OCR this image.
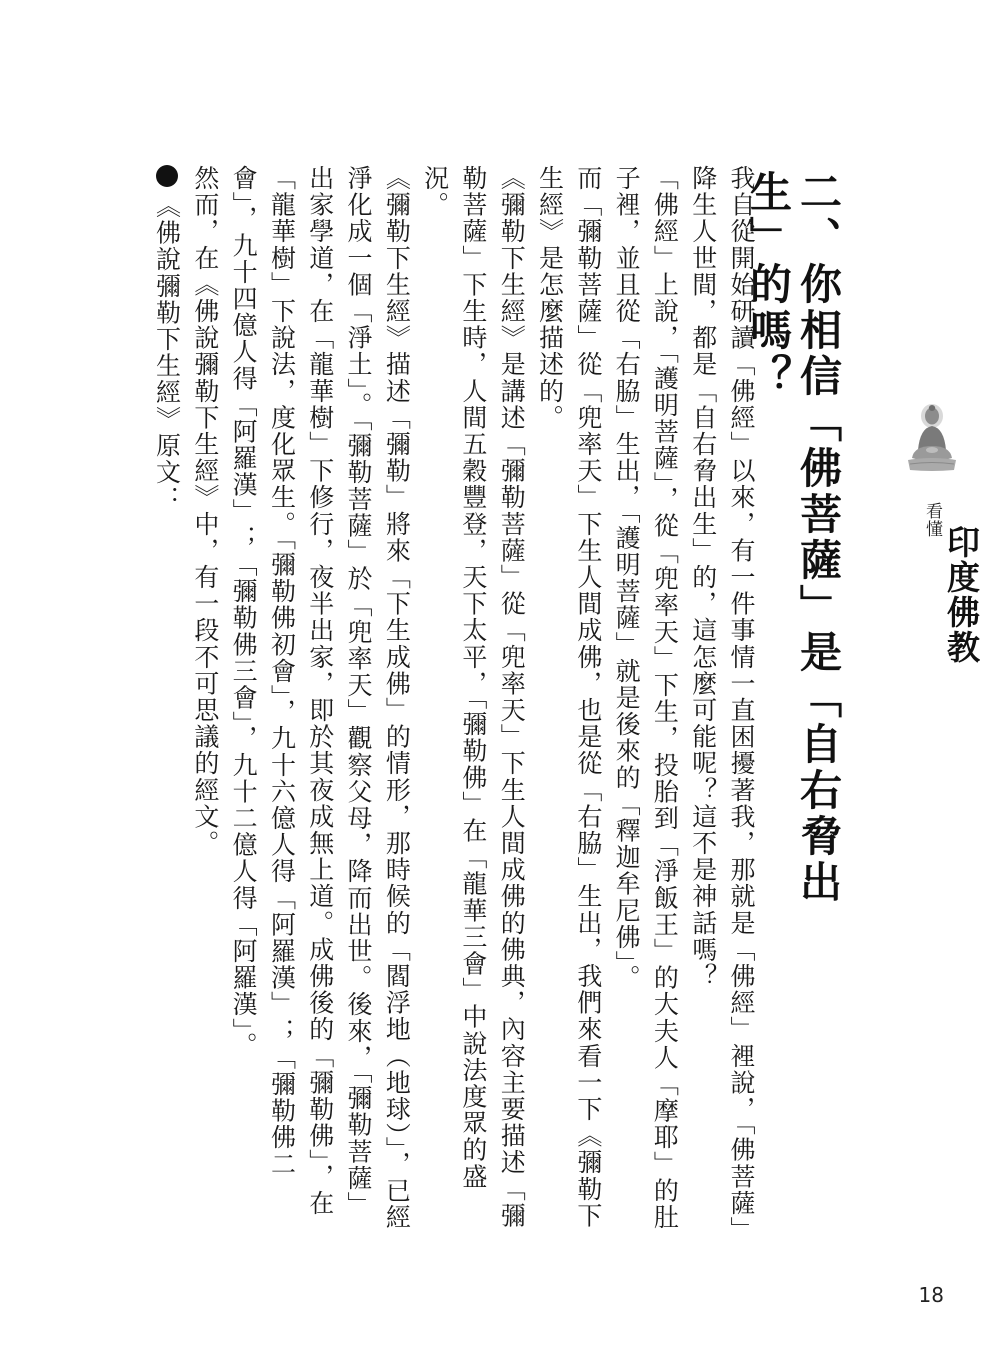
看懂
印度佛教
二、你相信「佛菩薩」是「自右脅出生」的嗎？

我自從開始研讀「佛經」以來，有一件事情一直困擾著我，那就是「佛經」裡說，「佛菩薩」降生人世間，都是「自右脅出生」的，這怎麼可能呢？這不是神話嗎？

「佛經」上說，「護明菩薩」，從「兜率天」下生，投胎到「淨飯王」的大夫人「摩耶」的肚子裡，並且從「右脇」生出，「護明菩薩」就是後來的「釋迦牟尼佛」。

而「彌勒菩薩」從「兜率天」下生人間成佛，也是從「右脇」生出，我們來看一下《彌勒下生經》是怎麼描述的。

《彌勒下生經》是講述「彌勒菩薩」從「兜率天」下生人間成佛的佛典，內容主要描述「彌勒菩薩」下生時，人間五穀豐登，天下太平，「彌勒佛」在「龍華三會」中說法度眾的盛況。

《彌勒下生經》描述「彌勒」將來「下生成佛」的情形，那時候的「閻浮地（地球）」，已經淨化成一個「淨土」。「彌勒菩薩」於「兜率天」觀察父母，降而出世。後來，「彌勒菩薩」出家學道，在「龍華樹」下修行，夜半出家，即於其夜成無上道。成佛後的「彌勒佛」，在「龍華樹」下說法，度化眾生。「彌勒佛初會」，九十六億人得「阿羅漢」；「彌勒佛二會」，九十四億人得「阿羅漢」；「彌勒佛三會」，九十二億人得「阿羅漢」。

然而，在《佛說彌勒下生經》中，有一段不可思議的經文。

《佛說彌勒下生經》原文：

18
